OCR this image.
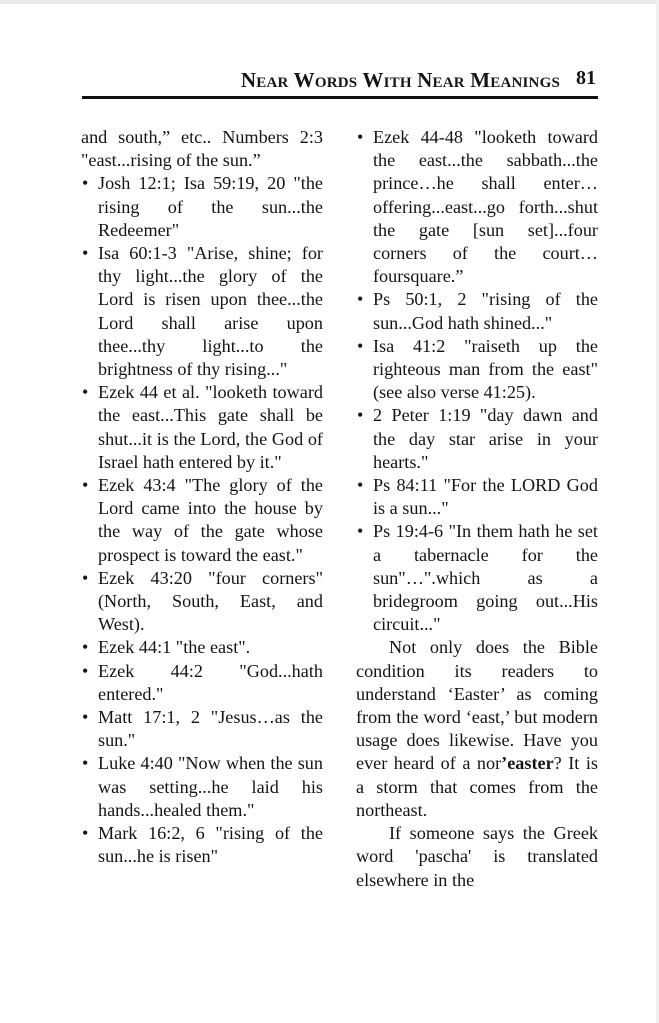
Near Words With Near Meanings 81

and south,” etc.. Numbers 2:3 "east...rising of the sun.”

• Josh 12:1; Isa 59:19, 20 "the rising of the sun...the Redeemer"
• Isa 60:1-3 "Arise, shine; for thy light...the glory of the Lord is risen upon thee...the Lord shall arise upon thee...thy light...to the brightness of thy rising..."
• Ezek 44 et al. "looketh toward the east...This gate shall be shut...it is the Lord, the God of Israel hath entered by it."
• Ezek 43:4 "The glory of the Lord came into the house by the way of the gate whose prospect is toward the east."
• Ezek 43:20 "four corners" (North, South, East, and West).
• Ezek 44:1 "the east".
• Ezek 44:2 "God...hath entered."
• Matt 17:1, 2 "Jesus…as the sun."
• Luke 4:40 "Now when the sun was setting...he laid his hands...healed them."
• Mark 16:2, 6 "rising of the sun...he is risen"
• Ezek 44-48 "looketh toward the east...the sabbath...the prince…he shall enter…offering...east...go forth...shut the gate [sun set]...four corners of the court…foursquare.”
• Ps 50:1, 2 "rising of the sun...God hath shined..."
• Isa 41:2 "raiseth up the righteous man from the east" (see also verse 41:25).
• 2 Peter 1:19 "day dawn and the day star arise in your hearts."
• Ps 84:11 "For the LORD God is a sun..."
• Ps 19:4-6 "In them hath he set a tabernacle for the sun"…".which as a bridegroom going out...His circuit..."

Not only does the Bible condition its readers to understand ‘Easter’ as coming from the word ‘east,’ but modern usage does likewise. Have you ever heard of a nor’easter? It is a storm that comes from the northeast.

If someone says the Greek word 'pascha' is translated elsewhere in the
